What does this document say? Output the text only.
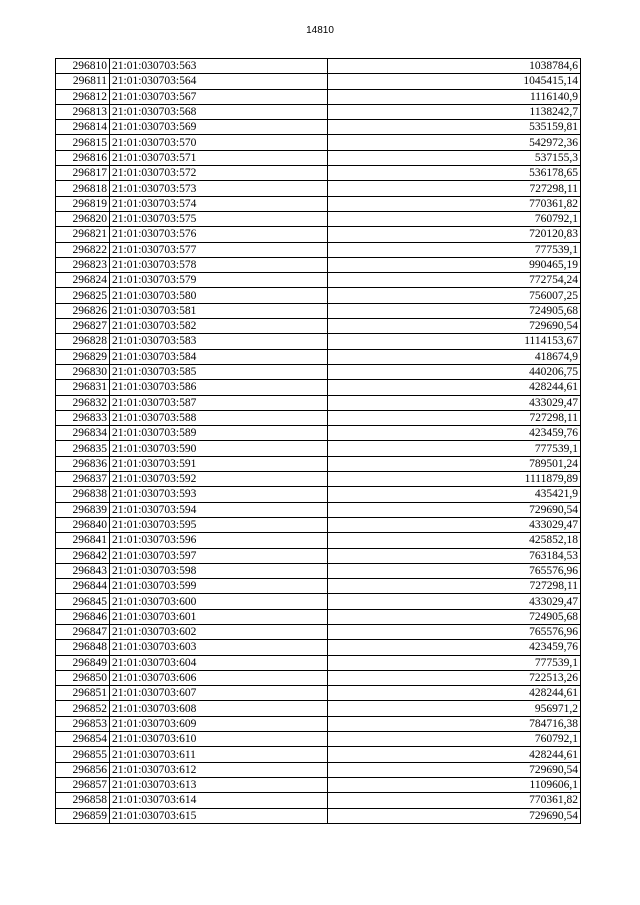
14810
296810	21:01:030703:563	1038784,6
296811	21:01:030703:564	1045415,14
296812	21:01:030703:567	1116140,9
296813	21:01:030703:568	1138242,7
296814	21:01:030703:569	535159,81
296815	21:01:030703:570	542972,36
296816	21:01:030703:571	537155,3
296817	21:01:030703:572	536178,65
296818	21:01:030703:573	727298,11
296819	21:01:030703:574	770361,82
296820	21:01:030703:575	760792,1
296821	21:01:030703:576	720120,83
296822	21:01:030703:577	777539,1
296823	21:01:030703:578	990465,19
296824	21:01:030703:579	772754,24
296825	21:01:030703:580	756007,25
296826	21:01:030703:581	724905,68
296827	21:01:030703:582	729690,54
296828	21:01:030703:583	1114153,67
296829	21:01:030703:584	418674,9
296830	21:01:030703:585	440206,75
296831	21:01:030703:586	428244,61
296832	21:01:030703:587	433029,47
296833	21:01:030703:588	727298,11
296834	21:01:030703:589	423459,76
296835	21:01:030703:590	777539,1
296836	21:01:030703:591	789501,24
296837	21:01:030703:592	1111879,89
296838	21:01:030703:593	435421,9
296839	21:01:030703:594	729690,54
296840	21:01:030703:595	433029,47
296841	21:01:030703:596	425852,18
296842	21:01:030703:597	763184,53
296843	21:01:030703:598	765576,96
296844	21:01:030703:599	727298,11
296845	21:01:030703:600	433029,47
296846	21:01:030703:601	724905,68
296847	21:01:030703:602	765576,96
296848	21:01:030703:603	423459,76
296849	21:01:030703:604	777539,1
296850	21:01:030703:606	722513,26
296851	21:01:030703:607	428244,61
296852	21:01:030703:608	956971,2
296853	21:01:030703:609	784716,38
296854	21:01:030703:610	760792,1
296855	21:01:030703:611	428244,61
296856	21:01:030703:612	729690,54
296857	21:01:030703:613	1109606,1
296858	21:01:030703:614	770361,82
296859	21:01:030703:615	729690,54
